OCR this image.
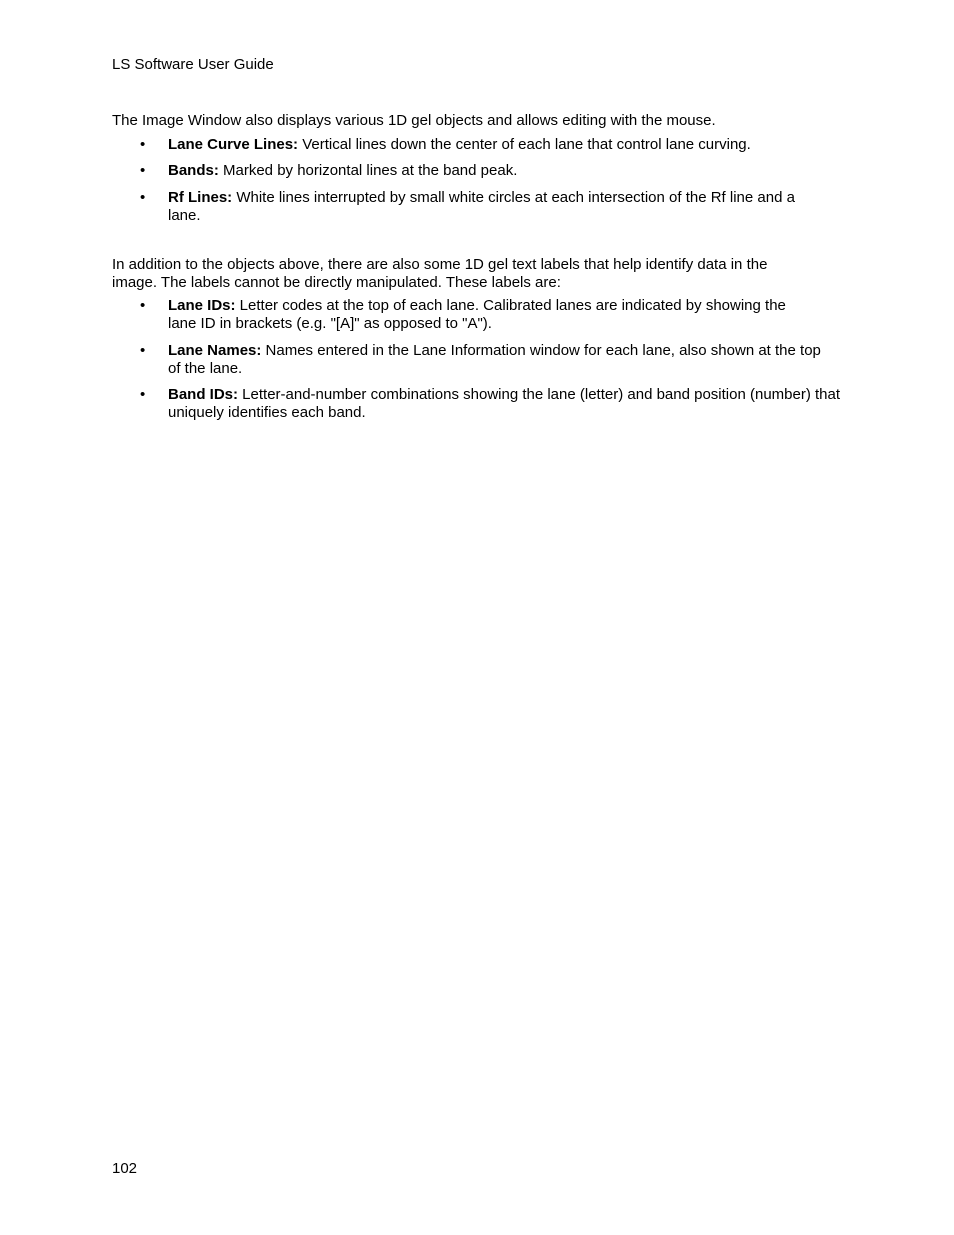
LS Software User Guide
The Image Window also displays various 1D gel objects and allows editing with the mouse.
• Lane Curve Lines: Vertical lines down the center of each lane that control lane curving.
• Bands: Marked by horizontal lines at the band peak.
• Rf Lines: White lines interrupted by small white circles at each intersection of the Rf line and a lane.
In addition to the objects above, there are also some 1D gel text labels that help identify data in the image. The labels cannot be directly manipulated. These labels are:
• Lane IDs: Letter codes at the top of each lane. Calibrated lanes are indicated by showing the lane ID in brackets (e.g. "[A]" as opposed to "A").
• Lane Names: Names entered in the Lane Information window for each lane, also shown at the top of the lane.
• Band IDs: Letter-and-number combinations showing the lane (letter) and band position (number) that uniquely identifies each band.
102
